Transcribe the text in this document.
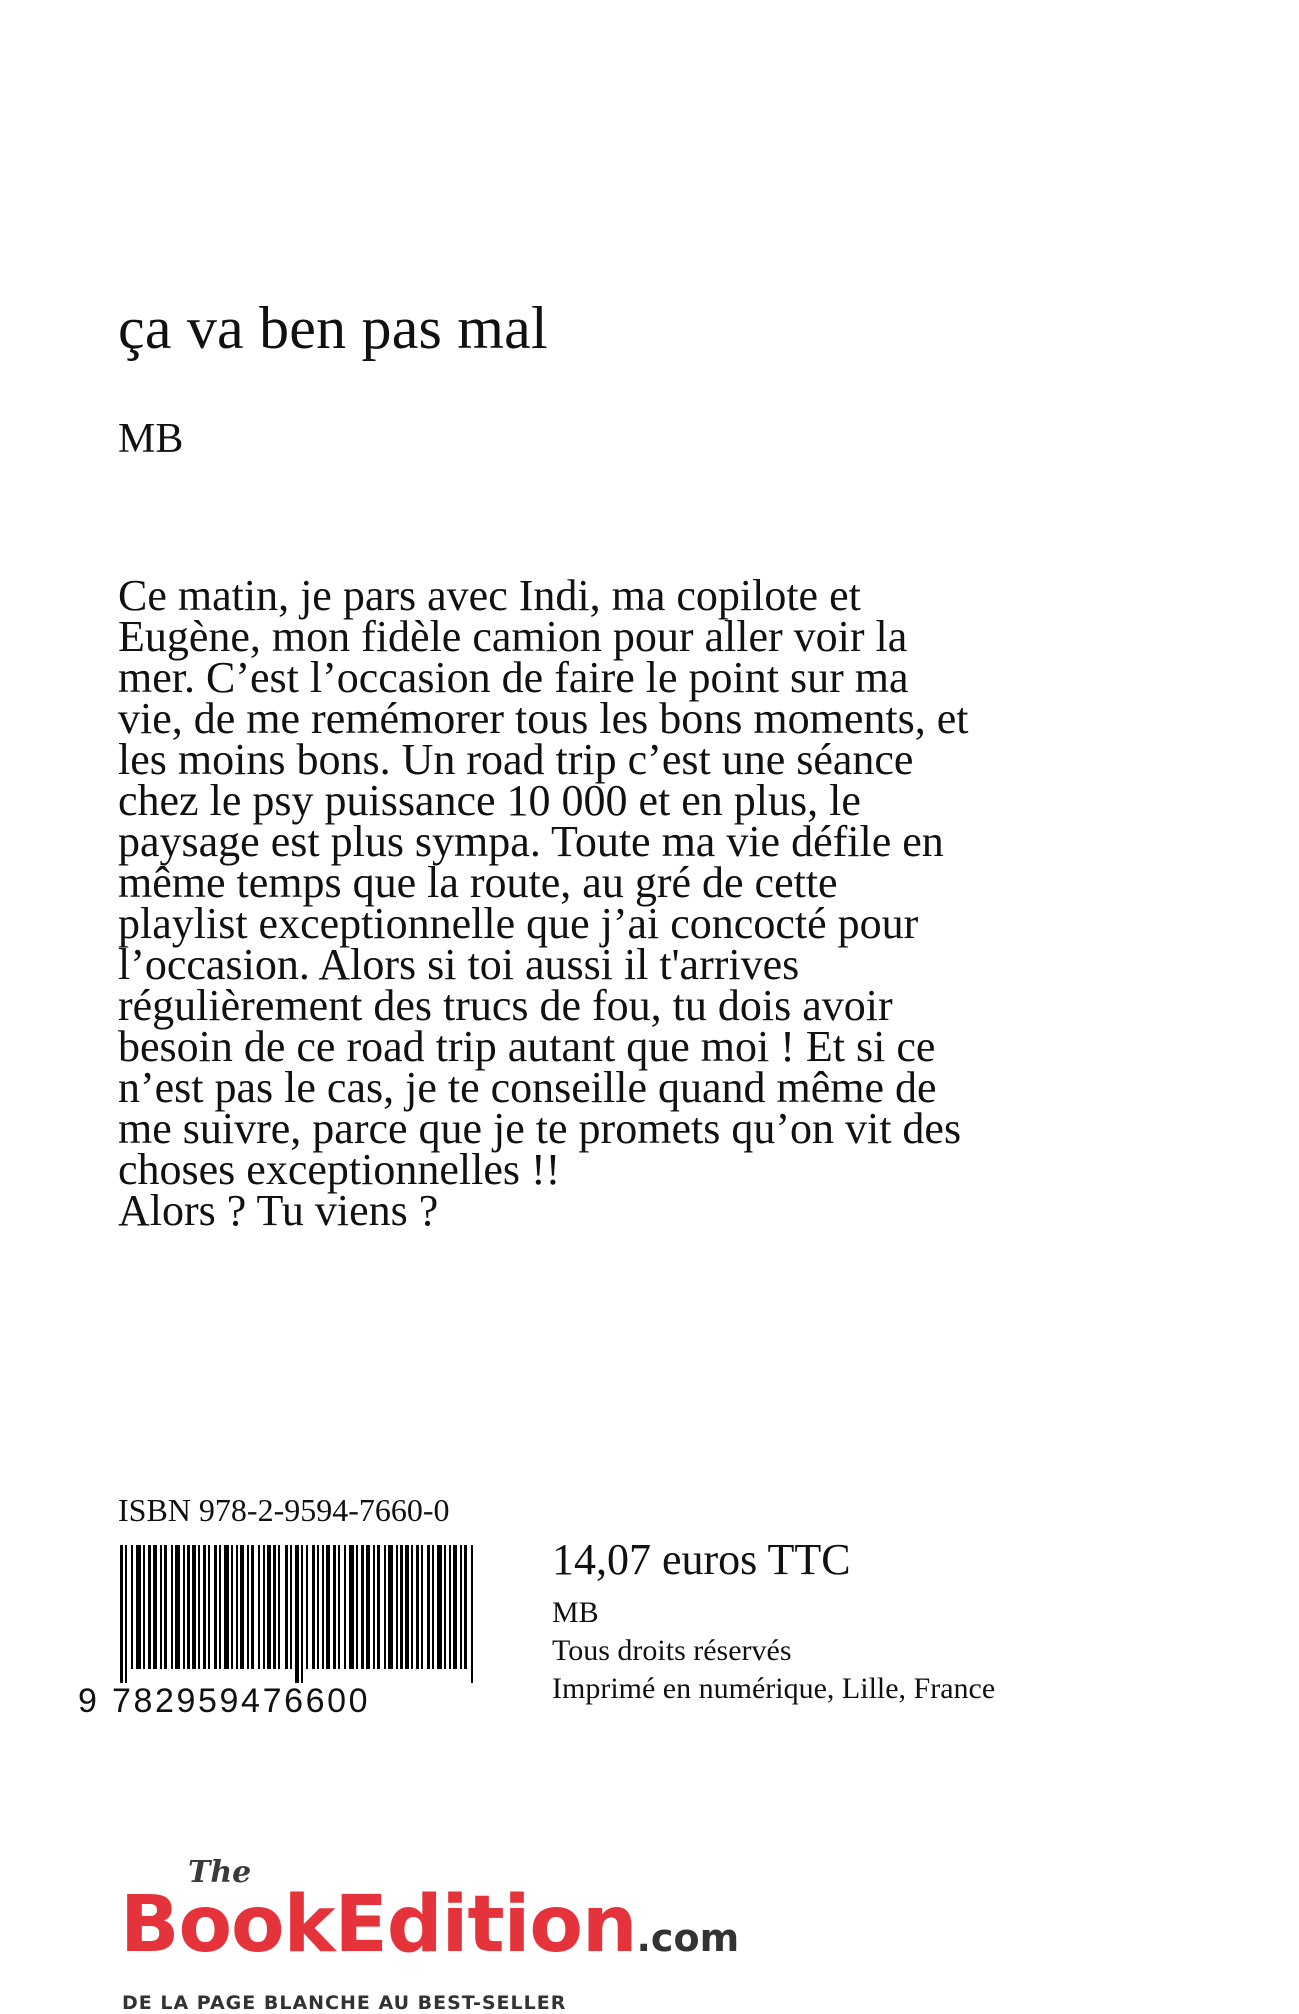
ça va ben pas mal
MB

Ce matin, je pars avec Indi, ma copilote et Eugène, mon fidèle camion pour aller voir la mer. C’est l’occasion de faire le point sur ma vie, de me remémorer tous les bons moments, et les moins bons. Un road trip c’est une séance chez le psy puissance 10 000 et en plus, le paysage est plus sympa. Toute ma vie défile en même temps que la route, au gré de cette playlist exceptionnelle que j’ai concocté pour l’occasion. Alors si toi aussi il t'arrives régulièrement des trucs de fou, tu dois avoir besoin de ce road trip autant que moi ! Et si ce n’est pas le cas, je te conseille quand même de me suivre, parce que je te promets qu’on vit des choses exceptionnelles !!

Alors ? Tu viens ?

ISBN 978-2-9594-7660-0
9 782959476600
14,07 euros TTC
MB
Tous droits réservés
Imprimé en numérique, Lille, France
The
BookEdition.com
DE LA PAGE BLANCHE AU BEST-SELLER
